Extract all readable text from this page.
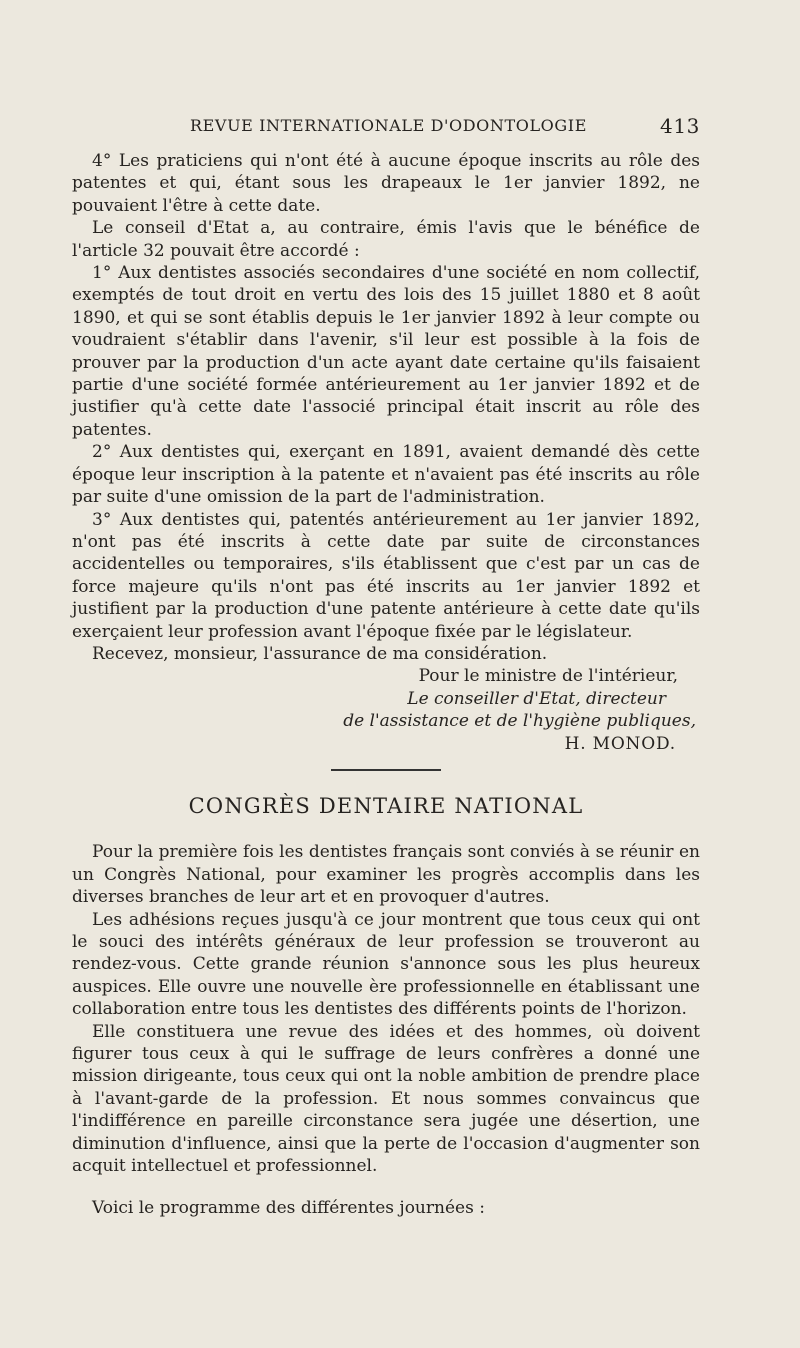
REVUE INTERNATIONALE D'ODONTOLOGIE	413

4° Les praticiens qui n'ont été à aucune époque inscrits au rôle des patentes et qui, étant sous les drapeaux le 1er janvier 1892, ne pouvaient l'être à cette date.

Le conseil d'Etat a, au contraire, émis l'avis que le bénéfice de l'article 32 pouvait être accordé :

1° Aux dentistes associés secondaires d'une société en nom collectif, exemptés de tout droit en vertu des lois des 15 juillet 1880 et 8 août 1890, et qui se sont établis depuis le 1er janvier 1892 à leur compte ou voudraient s'établir dans l'avenir, s'il leur est possible à la fois de prouver par la production d'un acte ayant date certaine qu'ils faisaient partie d'une société formée antérieurement au 1er janvier 1892 et de justifier qu'à cette date l'associé principal était inscrit au rôle des patentes.

2° Aux dentistes qui, exerçant en 1891, avaient demandé dès cette époque leur inscription à la patente et n'avaient pas été inscrits au rôle par suite d'une omission de la part de l'administration.

3° Aux dentistes qui, patentés antérieurement au 1er janvier 1892, n'ont pas été inscrits à cette date par suite de circonstances accidentelles ou temporaires, s'ils établissent que c'est par un cas de force majeure qu'ils n'ont pas été inscrits au 1er janvier 1892 et justifient par la production d'une patente antérieure à cette date qu'ils exerçaient leur profession avant l'époque fixée par le législateur.

Recevez, monsieur, l'assurance de ma considération.

Pour le ministre de l'intérieur,

Le conseiller d'Etat, directeur

de l'assistance et de l'hygiène publiques,

H. MONOD.

CONGRÈS DENTAIRE NATIONAL

Pour la première fois les dentistes français sont conviés à se réunir en un Congrès National, pour examiner les progrès accomplis dans les diverses branches de leur art et en provoquer d'autres.

Les adhésions reçues jusqu'à ce jour montrent que tous ceux qui ont le souci des intérêts généraux de leur profession se trouveront au rendez-vous. Cette grande réunion s'annonce sous les plus heureux auspices. Elle ouvre une nouvelle ère professionnelle en établissant une collaboration entre tous les dentistes des différents points de l'horizon.

Elle constituera une revue des idées et des hommes, où doivent figurer tous ceux à qui le suffrage de leurs confrères a donné une mission dirigeante, tous ceux qui ont la noble ambition de prendre place à l'avant-garde de la profession. Et nous sommes convaincus que l'indifférence en pareille circonstance sera jugée une désertion, une diminution d'influence, ainsi que la perte de l'occasion d'augmenter son acquit intellectuel et professionnel.

Voici le programme des différentes journées :
